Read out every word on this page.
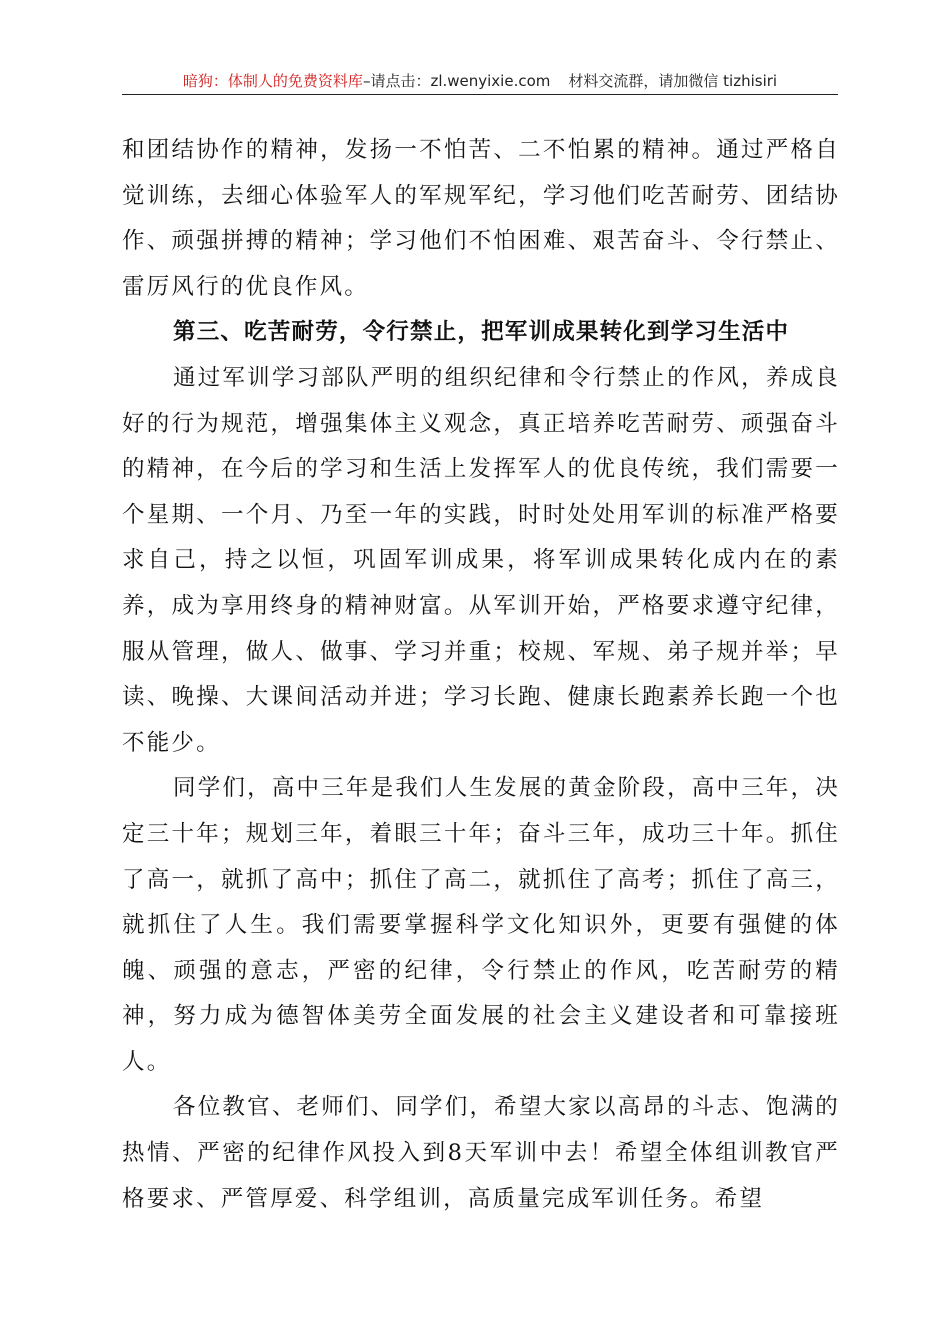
暗狗：体制人的免费资料库–请点击：zl.wenyixie.com 材料交流群，请加微信 tizhisiri

和团结协作的精神，发扬一不怕苦、二不怕累的精神。通过严格自觉训练，去细心体验军人的军规军纪，学习他们吃苦耐劳、团结协作、顽强拼搏的精神；学习他们不怕困难、艰苦奋斗、令行禁止、雷厉风行的优良作风。

第三、吃苦耐劳，令行禁止，把军训成果转化到学习生活中

通过军训学习部队严明的组织纪律和令行禁止的作风，养成良好的行为规范，增强集体主义观念，真正培养吃苦耐劳、顽强奋斗的精神，在今后的学习和生活上发挥军人的优良传统，我们需要一个星期、一个月、乃至一年的实践，时时处处用军训的标准严格要求自己，持之以恒，巩固军训成果，将军训成果转化成内在的素养，成为享用终身的精神财富。从军训开始，严格要求遵守纪律，服从管理，做人、做事、学习并重；校规、军规、弟子规并举；早读、晚操、大课间活动并进；学习长跑、健康长跑素养长跑一个也不能少。

同学们，高中三年是我们人生发展的黄金阶段，高中三年，决定三十年；规划三年，着眼三十年；奋斗三年，成功三十年。抓住了高一，就抓了高中；抓住了高二，就抓住了高考；抓住了高三，就抓住了人生。我们需要掌握科学文化知识外，更要有强健的体魄、顽强的意志，严密的纪律，令行禁止的作风，吃苦耐劳的精神，努力成为德智体美劳全面发展的社会主义建设者和可靠接班人。

各位教官、老师们、同学们，希望大家以高昂的斗志、饱满的热情、严密的纪律作风投入到8天军训中去！希望全体组训教官严格要求、严管厚爱、科学组训，高质量完成军训任务。希望
